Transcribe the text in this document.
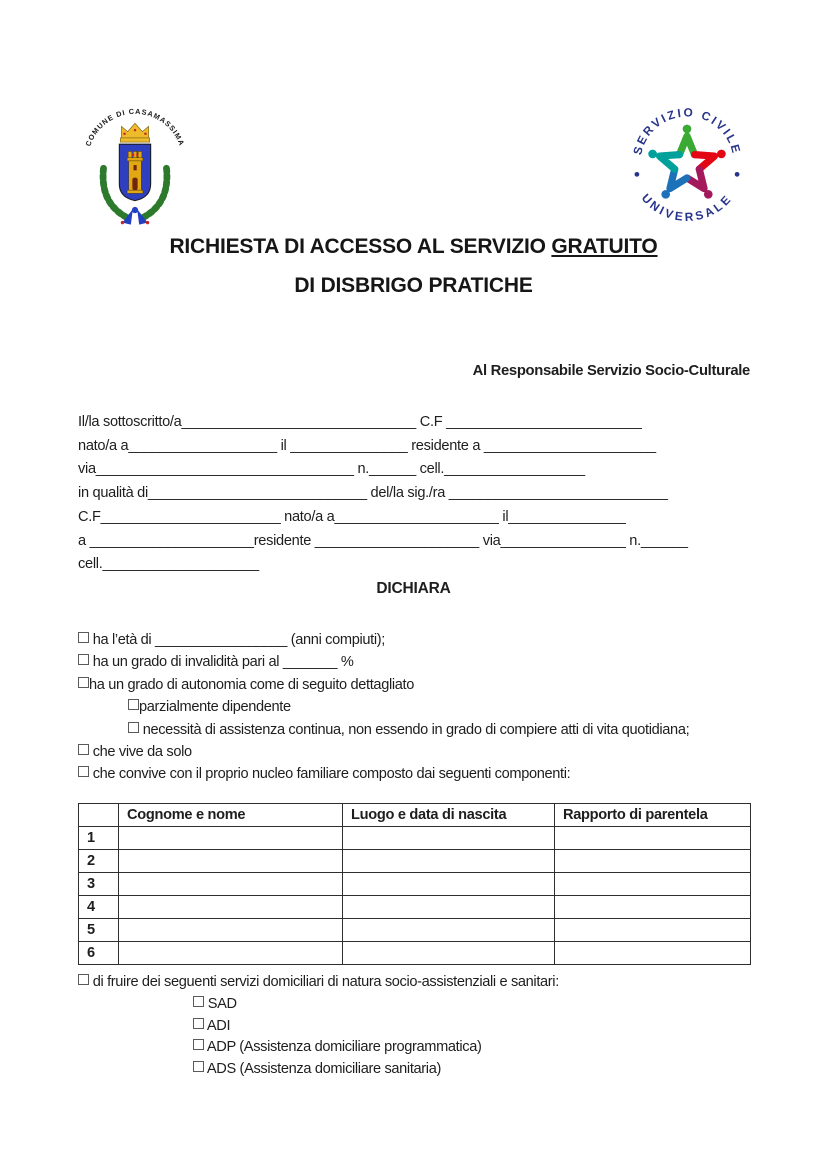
COMUNE DI CASAMASSIMA	SERVIZIO CIVILE
UNIVERSALE
RICHIESTA DI ACCESSO AL SERVIZIO GRATUITO
DI DISBRIGO PRATICHE
Al Responsabile Servizio Socio-Culturale
Il/la sottoscritto/a______________________________ C.F _________________________
nato/a a___________________ il _______________ residente a ______________________
via_________________________________ n.______ cell.__________________
in qualità di____________________________ del/la sig./ra ____________________________
C.F_______________________ nato/a a_____________________ il_______________
a _____________________residente _____________________ via________________ n.______
cell.____________________
DICHIARA
ha l’età di _________________ (anni compiuti);
ha un grado di invalidità pari al _______ %
ha un grado di autonomia come di seguito dettagliato
parzialmente dipendente
necessità di assistenza continua, non essendo in grado di compiere atti di vita quotidiana;
che vive da solo
che convive con il proprio nucleo familiare composto dai seguenti componenti:
	Cognome e nome	Luogo e data di nascita	Rapporto di parentela
1			
2			
3			
4			
5			
6			
di fruire dei seguenti servizi domiciliari di natura socio-assistenziali e sanitari:
SAD
ADI
ADP (Assistenza domiciliare programmatica)
ADS (Assistenza domiciliare sanitaria)
